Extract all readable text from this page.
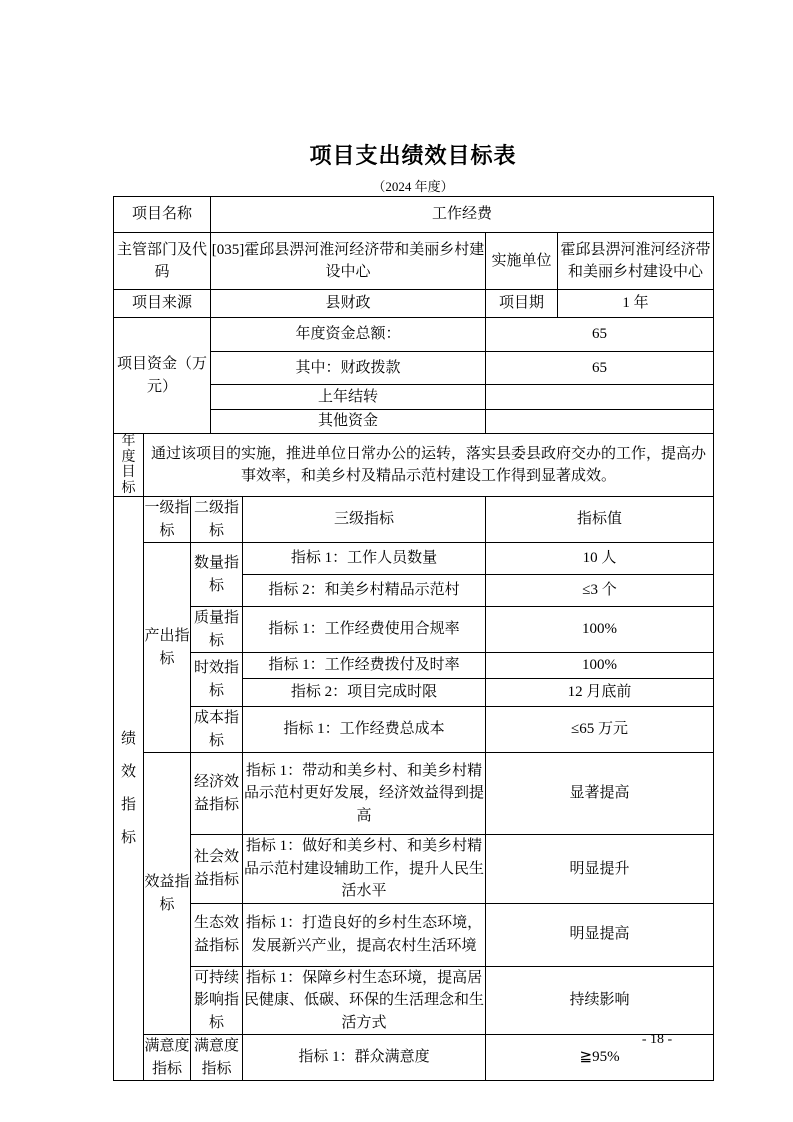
项目支出绩效目标表
（2024 年度）
项目名称			工作经费			
主管部门及代码			[035]霍邱县淠河淮河经济带和美丽乡村建设中心		实施单位	霍邱县淠河淮河经济带和美丽乡村建设中心
项目来源			县财政		项目期	1 年
项目资金（万元）			年度资金总额：		65	
			其中：财政拨款		65	
			上年结转			
			其他资金			

年度目标	通过该项目的实施，推进单位日常办公的运转，落实县委县政府交办的工作，提高办事效率，和美乡村及精品示范村建设工作得到显著成效。					

绩效指标	一级指标	二级指标		三级指标	指标值	
	产出指标	数量指标		指标 1：工作人员数量	10 人	
				指标 2：和美乡村精品示范村	≤3 个	
		质量指标		指标 1：工作经费使用合规率	100%	
		时效指标		指标 1：工作经费拨付及时率	100%	
				指标 2：项目完成时限	12 月底前	
		成本指标		指标 1：工作经费总成本	≤65 万元	
	效益指标	经济效益指标		指标 1：带动和美乡村、和美乡村精品示范村更好发展，经济效益得到提高	显著提高	
		社会效益指标		指标 1：做好和美乡村、和美乡村精品示范村建设辅助工作，提升人民生活水平	明显提升	
		生态效益指标		指标 1：打造良好的乡村生态环境，发展新兴产业，提高农村生活环境	明显提高	
		可持续影响指标		指标 1：保障乡村生态环境，提高居民健康、低碳、环保的生活理念和生活方式	持续影响	
	满意度指标	满意度指标		指标 1：群众满意度	≧95%	
- 18 -
